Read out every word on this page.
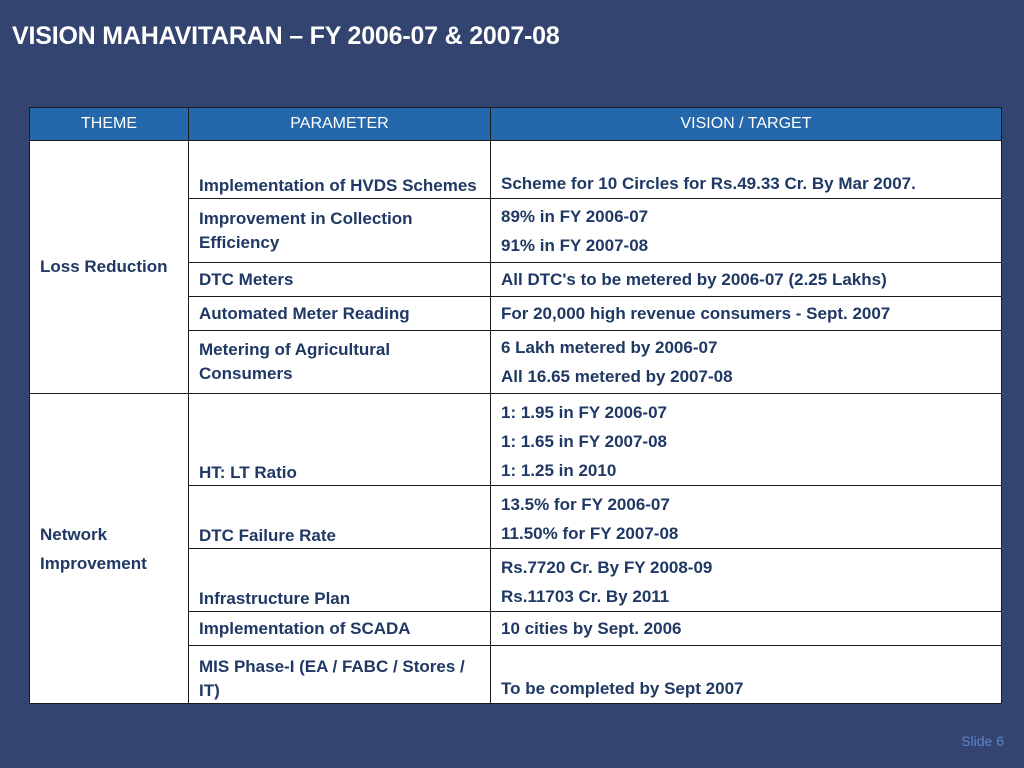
VISION MAHAVITARAN – FY 2006-07 & 2007-08
THEME	PARAMETER	VISION / TARGET
Loss Reduction	Implementation of HVDS Schemes	Scheme for 10 Circles for Rs.49.33 Cr. By Mar 2007.

	Improvement in Collection Efficiency	89% in FY 2006-07
91% in FY 2007-08

	DTC Meters	All DTC's to be metered by 2006-07 (2.25 Lakhs)

	Automated Meter Reading	For 20,000 high revenue consumers - Sept. 2007

	Metering of Agricultural Consumers	6 Lakh metered by 2006-07
All 16.65 metered by 2007-08

Network
Improvement	HT: LT Ratio	1: 1.95 in FY 2006-07
1: 1.65 in FY 2007-08
1: 1.25 in 2010

	DTC Failure Rate	13.5% for FY 2006-07
11.50% for FY 2007-08

	Infrastructure Plan	Rs.7720 Cr. By FY 2008-09
Rs.11703 Cr. By 2011

	Implementation of SCADA	10 cities by Sept. 2006

	MIS Phase-I (EA / FABC / Stores / IT)	To be completed by Sept 2007
Slide 6
